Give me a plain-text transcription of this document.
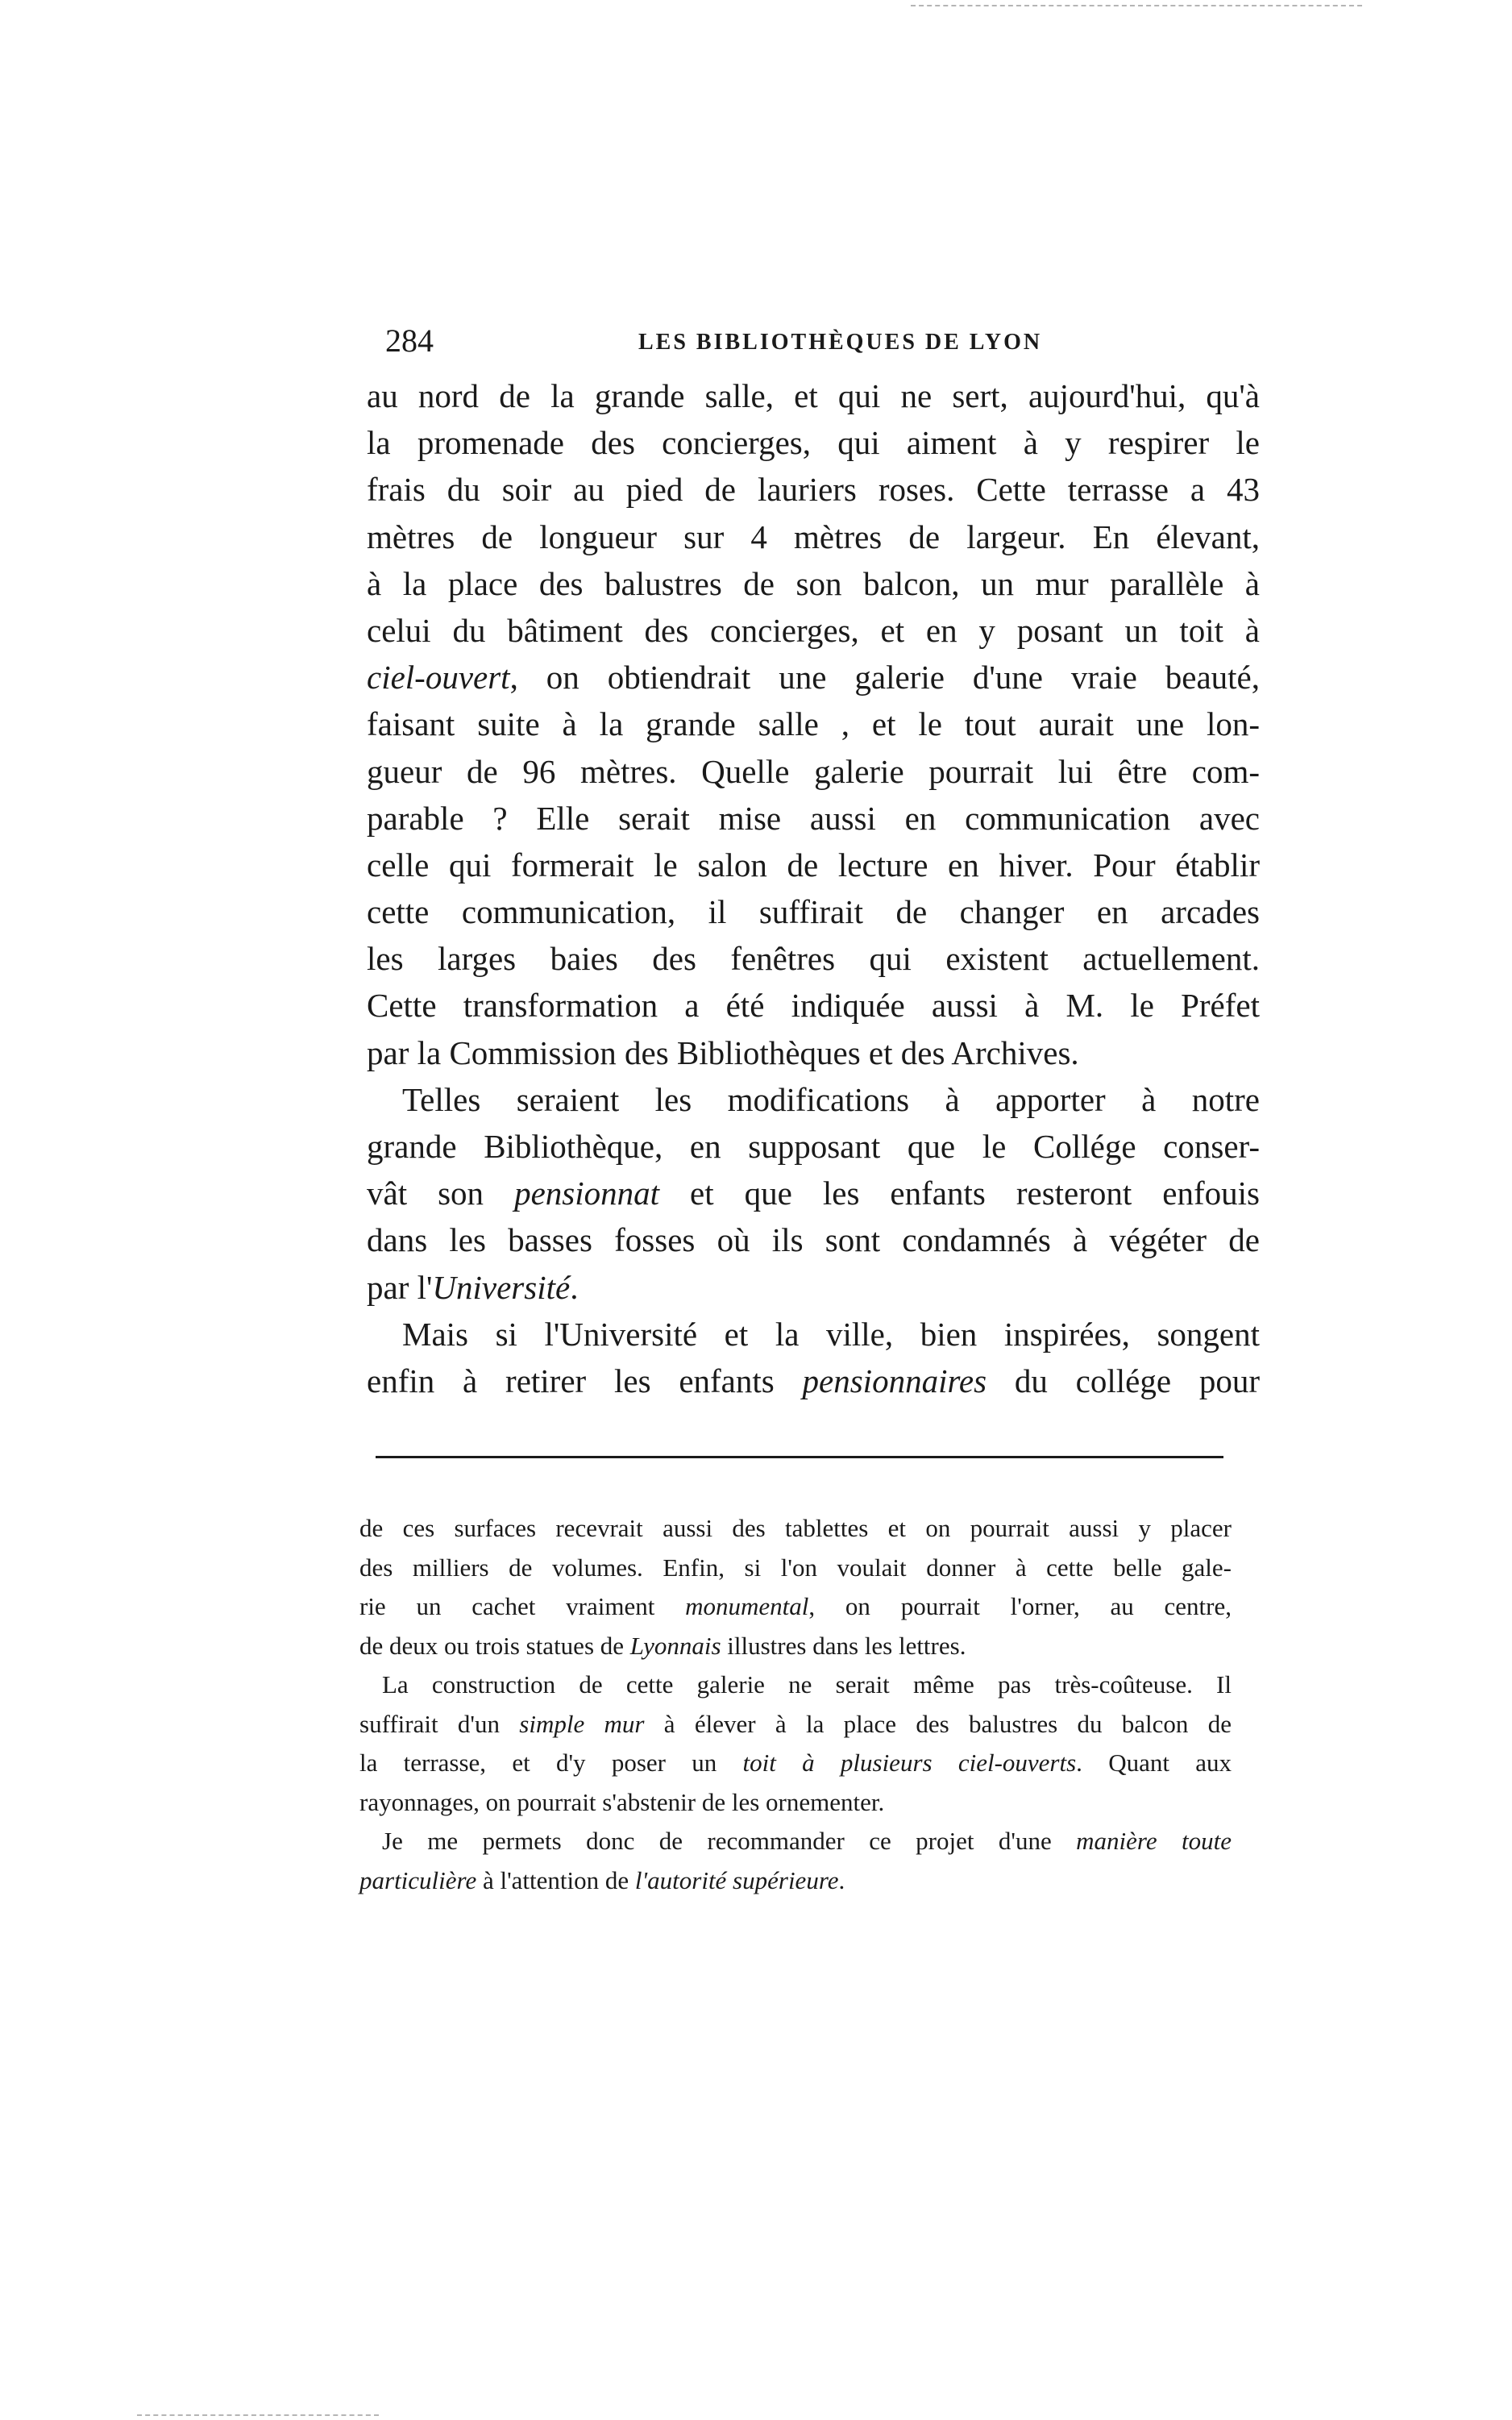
284	LES BIBLIOTHÈQUES DE LYON
au nord de la grande salle, et qui ne sert, aujourd'hui, qu'à
la promenade des concierges, qui aiment à y respirer le
frais du soir au pied de lauriers roses. Cette terrasse a 43
mètres de longueur sur 4 mètres de largeur. En élevant,
à la place des balustres de son balcon, un mur parallèle à
celui du bâtiment des concierges, et en y posant un toit à
ciel-ouvert, on obtiendrait une galerie d'une vraie beauté,
faisant suite à la grande salle , et le tout aurait une lon-
gueur de 96 mètres. Quelle galerie pourrait lui être com-
parable ? Elle serait mise aussi en communication avec
celle qui formerait le salon de lecture en hiver. Pour établir
cette communication, il suffirait de changer en arcades
les larges baies des fenêtres qui existent actuellement.
Cette transformation a été indiquée aussi à M. le Préfet
par la Commission des Bibliothèques et des Archives.
Telles seraient les modifications à apporter à notre
grande Bibliothèque, en supposant que le Collége conser-
vât son pensionnat et que les enfants resteront enfouis
dans les basses fosses où ils sont condamnés à végéter de
par l'Université.
Mais si l'Université et la ville, bien inspirées, songent
enfin à retirer les enfants pensionnaires du collége pour
de ces surfaces recevrait aussi des tablettes et on pourrait aussi y placer
des milliers de volumes. Enfin, si l'on voulait donner à cette belle gale-
rie un cachet vraiment monumental, on pourrait l'orner, au centre,
de deux ou trois statues de Lyonnais illustres dans les lettres.
La construction de cette galerie ne serait même pas très-coûteuse. Il
suffirait d'un simple mur à élever à la place des balustres du balcon de
la terrasse, et d'y poser un toit à plusieurs ciel-ouverts. Quant aux
rayonnages, on pourrait s'abstenir de les ornementer.
Je me permets donc de recommander ce projet d'une manière toute
particulière à l'attention de l'autorité supérieure.
